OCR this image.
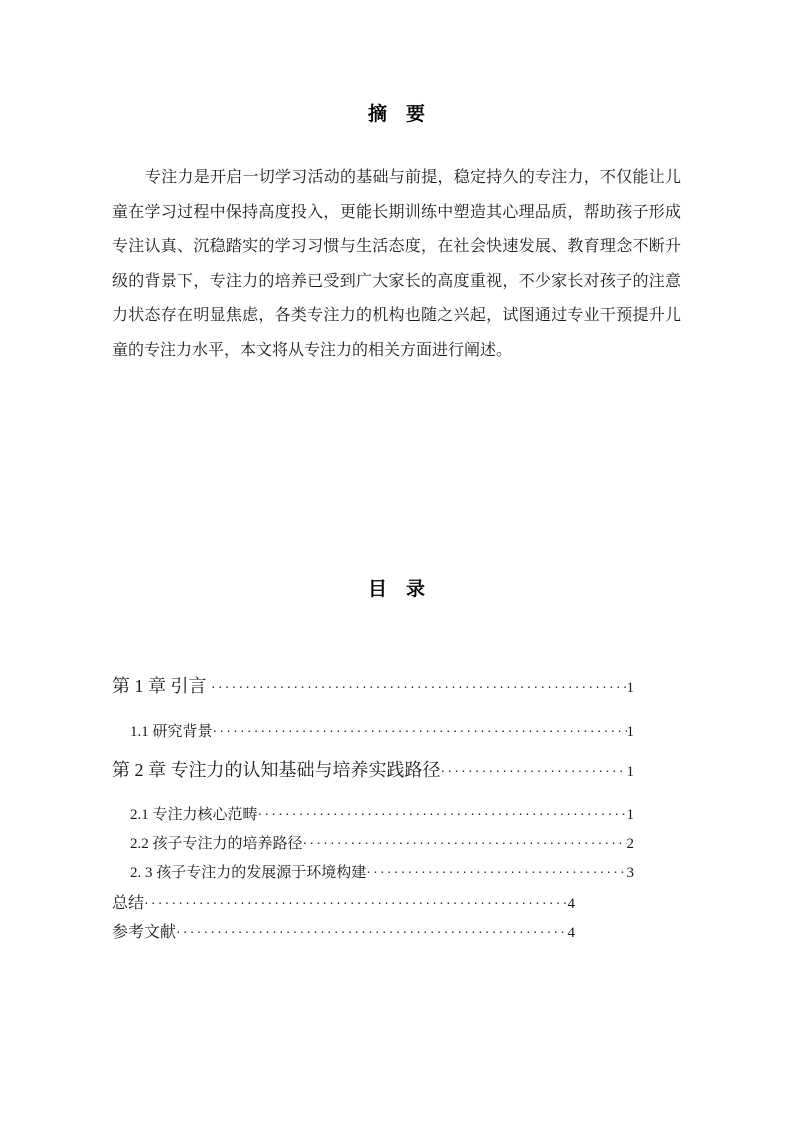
摘　要

专注力是开启一切学习活动的基础与前提，稳定持久的专注力，不仅能让儿童在学习过程中保持高度投入，更能长期训练中塑造其心理品质，帮助孩子形成专注认真、沉稳踏实的学习习惯与生活态度，在社会快速发展、教育理念不断升级的背景下，专注力的培养已受到广大家长的高度重视，不少家长对孩子的注意力状态存在明显焦虑，各类专注力的机构也随之兴起，试图通过专业干预提升儿童的专注力水平，本文将从专注力的相关方面进行阐述。

目　录
第 1 章 引言 ·····	1
1.1 研究背景 ·····	1
第 2 章 专注力的认知基础与培养实践路径 ·····	1
2.1 专注力核心范畴 ·····	1
2.2 孩子专注力的培养路径 ·····	2
2. 3 孩子专注力的发展源于环境构建 ·····	3
总结 ·····	4
参考文献 ·····	4
